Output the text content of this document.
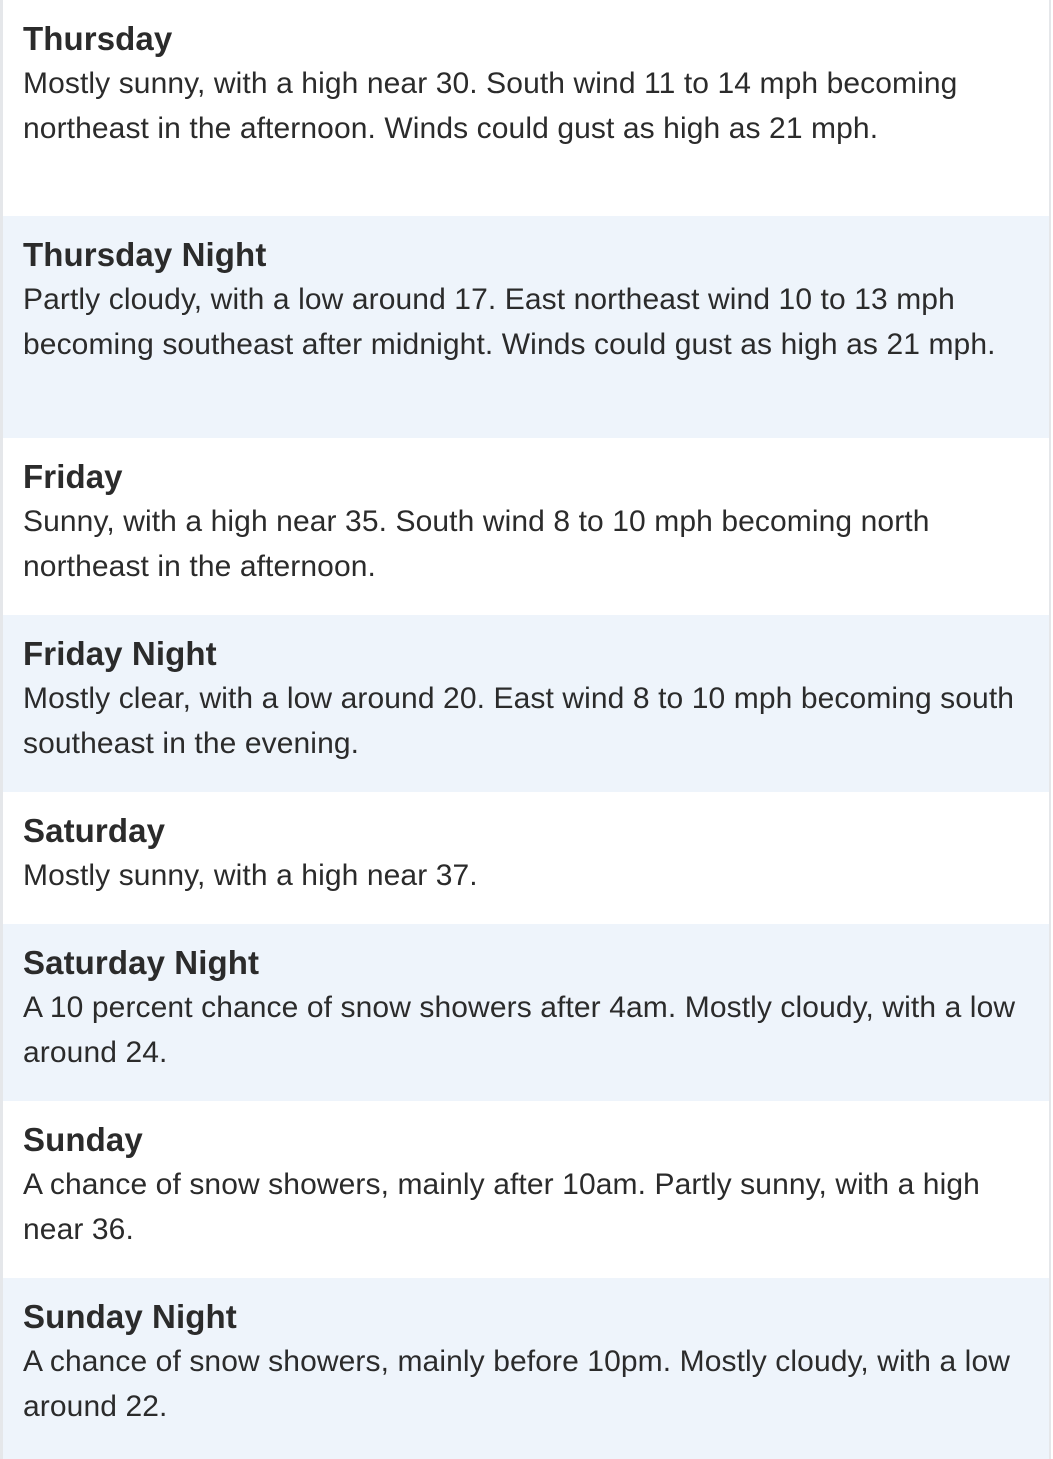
Thursday

Mostly sunny, with a high near 30. South wind 11 to 14 mph becoming northeast in the afternoon. Winds could gust as high as 21 mph.

Thursday Night

Partly cloudy, with a low around 17. East northeast wind 10 to 13 mph becoming southeast after midnight. Winds could gust as high as 21 mph.

Friday

Sunny, with a high near 35. South wind 8 to 10 mph becoming north northeast in the afternoon.

Friday Night

Mostly clear, with a low around 20. East wind 8 to 10 mph becoming south southeast in the evening.

Saturday

Mostly sunny, with a high near 37.

Saturday Night

A 10 percent chance of snow showers after 4am. Mostly cloudy, with a low around 24.

Sunday

A chance of snow showers, mainly after 10am. Partly sunny, with a high near 36.

Sunday Night

A chance of snow showers, mainly before 10pm. Mostly cloudy, with a low around 22.
